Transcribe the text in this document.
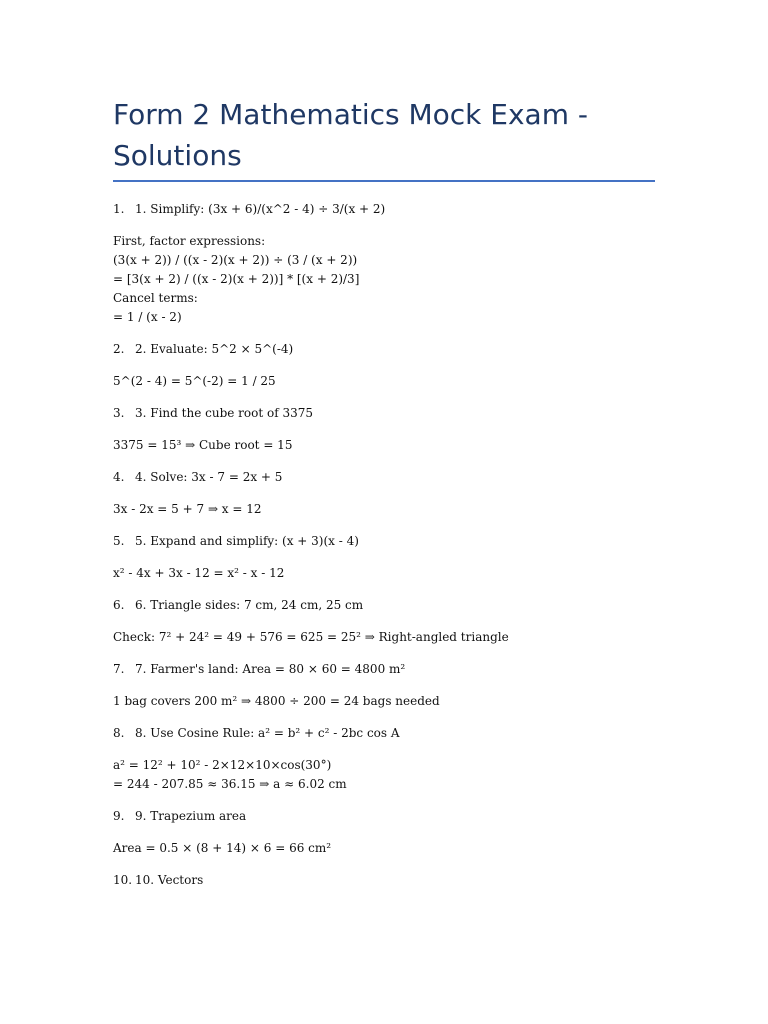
Form 2 Mathematics Mock Exam - Solutions
1. 1. Simplify: (3x + 6)/(x^2 - 4) ÷ 3/(x + 2)
First, factor expressions:
(3(x + 2)) / ((x - 2)(x + 2)) ÷ (3 / (x + 2))
= [3(x + 2) / ((x - 2)(x + 2))] * [(x + 2)/3]
Cancel terms:
= 1 / (x - 2)
2. 2. Evaluate: 5^2 × 5^(-4)
5^(2 - 4) = 5^(-2) = 1 / 25
3. 3. Find the cube root of 3375
3375 = 15³ ⇒ Cube root = 15
4. 4. Solve: 3x - 7 = 2x + 5
3x - 2x = 5 + 7 ⇒ x = 12
5. 5. Expand and simplify: (x + 3)(x - 4)
x² - 4x + 3x - 12 = x² - x - 12
6. 6. Triangle sides: 7 cm, 24 cm, 25 cm
Check: 7² + 24² = 49 + 576 = 625 = 25² ⇒ Right-angled triangle
7. 7. Farmer's land: Area = 80 × 60 = 4800 m²
1 bag covers 200 m² ⇒ 4800 ÷ 200 = 24 bags needed
8. 8. Use Cosine Rule: a² = b² + c² - 2bc cos A
a² = 12² + 10² - 2×12×10×cos(30°)
= 244 - 207.85 ≈ 36.15 ⇒ a ≈ 6.02 cm
9. 9. Trapezium area
Area = 0.5 × (8 + 14) × 6 = 66 cm²
10. 10. Vectors
